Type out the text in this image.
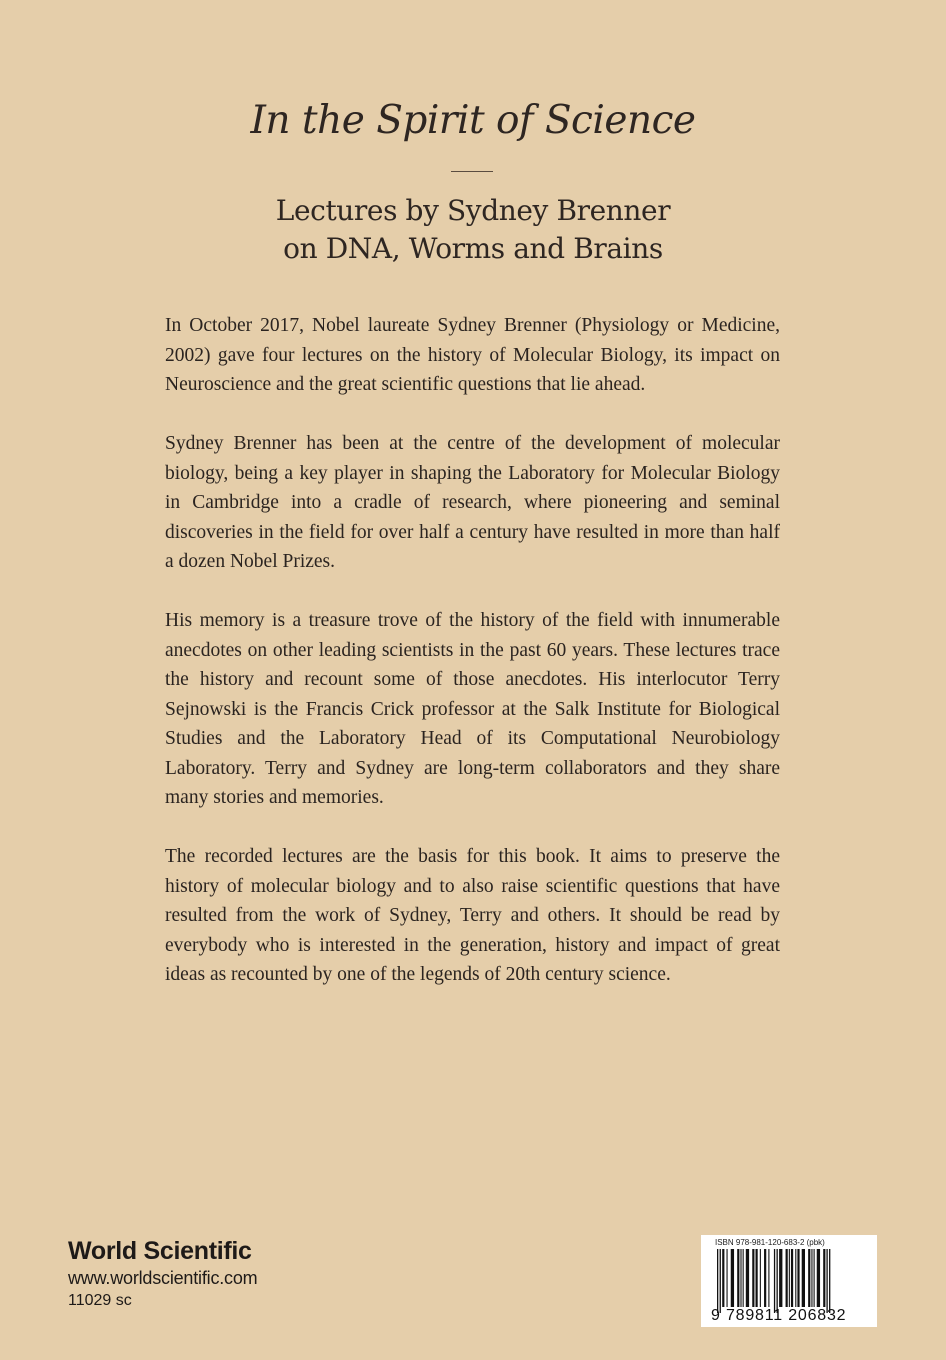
In the Spirit of Science
Lectures by Sydney Brenner
on DNA, Worms and Brains

In October 2017, Nobel laureate Sydney Brenner (Physiology or Medicine, 2002) gave four lectures on the history of Molecular Biology, its impact on Neuroscience and the great scientific questions that lie ahead.

Sydney Brenner has been at the centre of the development of molecular biology, being a key player in shaping the Laboratory for Molecular Biology in Cambridge into a cradle of research, where pioneering and seminal discoveries in the field for over half a century have resulted in more than half a dozen Nobel Prizes.

His memory is a treasure trove of the history of the field with innumerable anecdotes on other leading scientists in the past 60 years. These lectures trace the history and recount some of those anecdotes. His interlocutor Terry Sejnowski is the Francis Crick professor at the Salk Institute for Biological Studies and the Laboratory Head of its Computational Neurobiology Laboratory. Terry and Sydney are long-term collaborators and they share many stories and memories.

The recorded lectures are the basis for this book. It aims to preserve the history of molecular biology and to also raise scientific questions that have resulted from the work of Sydney, Terry and others. It should be read by everybody who is interested in the generation, history and impact of great ideas as recounted by one of the legends of 20th century science.

World Scientific
www.worldscientific.com
11029 sc
ISBN 978-981-120-683-2 (pbk)
9 789811 206832
